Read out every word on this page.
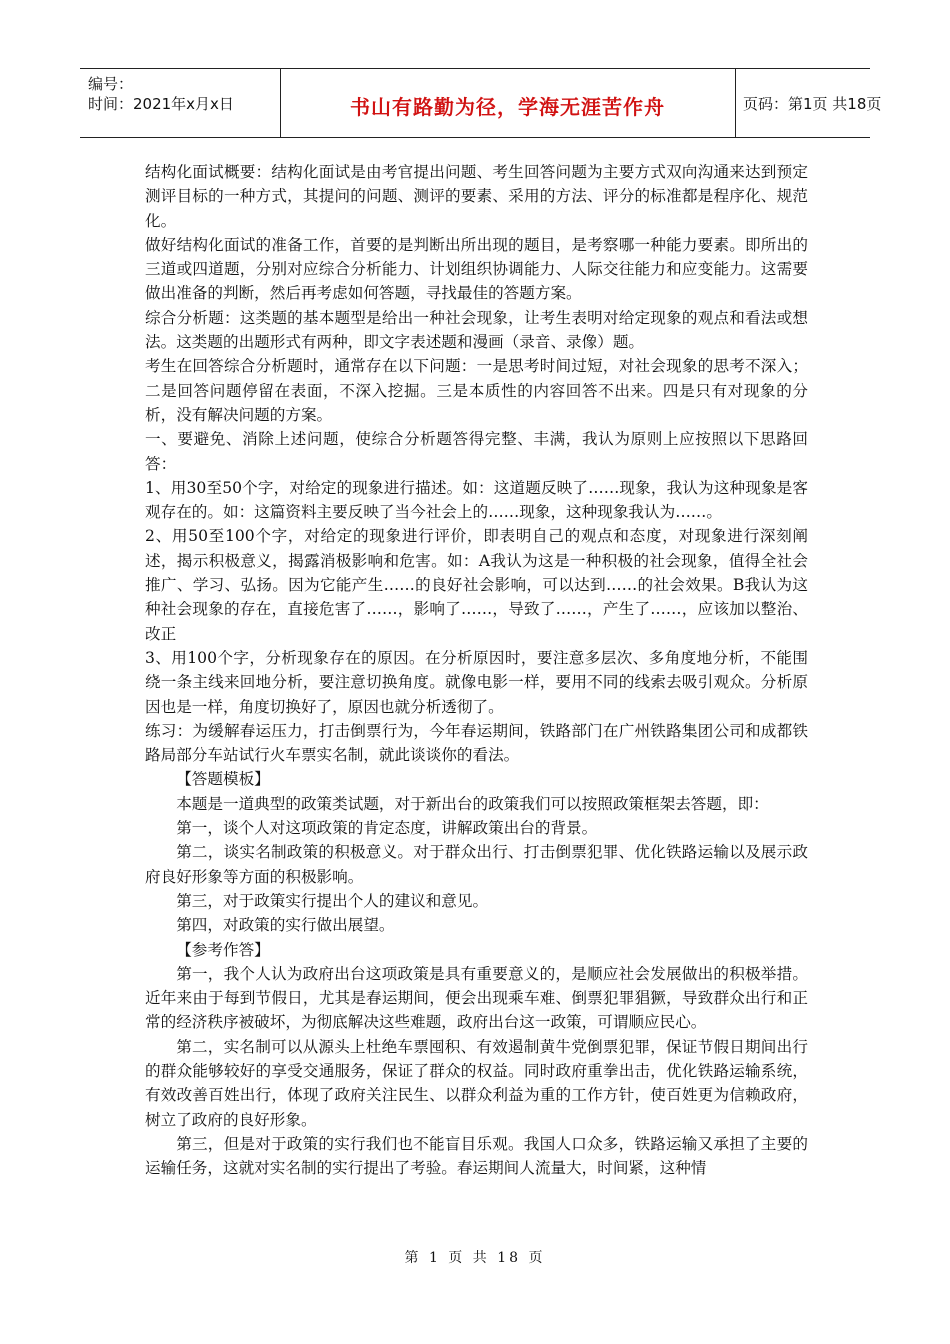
编号：
时间：2021年x月x日	书山有路勤为径，学海无涯苦作舟	页码：第1页 共18页

结构化面试概要：结构化面试是由考官提出问题、考生回答问题为主要方式双向沟通来达到预定测评目标的一种方式，其提问的问题、测评的要素、采用的方法、评分的标准都是程序化、规范化。

做好结构化面试的准备工作，首要的是判断出所出现的题目，是考察哪一种能力要素。即所出的三道或四道题，分别对应综合分析能力、计划组织协调能力、人际交往能力和应变能力。这需要做出准备的判断，然后再考虑如何答题，寻找最佳的答题方案。

综合分析题：这类题的基本题型是给出一种社会现象，让考生表明对给定现象的观点和看法或想法。这类题的出题形式有两种，即文字表述题和漫画（录音、录像）题。

考生在回答综合分析题时，通常存在以下问题：一是思考时间过短，对社会现象的思考不深入；二是回答问题停留在表面，不深入挖掘。三是本质性的内容回答不出来。四是只有对现象的分析，没有解决问题的方案。

一、要避免、消除上述问题，使综合分析题答得完整、丰满，我认为原则上应按照以下思路回答：

1、用30至50个字，对给定的现象进行描述。如：这道题反映了……现象，我认为这种现象是客观存在的。如：这篇资料主要反映了当今社会上的……现象，这种现象我认为……。

2、用50至100个字，对给定的现象进行评价，即表明自己的观点和态度，对现象进行深刻阐述，揭示积极意义，揭露消极影响和危害。如：A我认为这是一种积极的社会现象，值得全社会推广、学习、弘扬。因为它能产生……的良好社会影响，可以达到……的社会效果。B我认为这种社会现象的存在，直接危害了……，影响了……，导致了……，产生了……，应该加以整治、改正

3、用100个字，分析现象存在的原因。在分析原因时，要注意多层次、多角度地分析，不能围绕一条主线来回地分析，要注意切换角度。就像电影一样，要用不同的线索去吸引观众。分析原因也是一样，角度切换好了，原因也就分析透彻了。

练习：为缓解春运压力，打击倒票行为，今年春运期间，铁路部门在广州铁路集团公司和成都铁路局部分车站试行火车票实名制，就此谈谈你的看法。

【答题模板】

本题是一道典型的政策类试题，对于新出台的政策我们可以按照政策框架去答题，即：

第一，谈个人对这项政策的肯定态度，讲解政策出台的背景。

第二，谈实名制政策的积极意义。对于群众出行、打击倒票犯罪、优化铁路运输以及展示政府良好形象等方面的积极影响。

第三，对于政策实行提出个人的建议和意见。

第四，对政策的实行做出展望。

【参考作答】

第一，我个人认为政府出台这项政策是具有重要意义的，是顺应社会发展做出的积极举措。近年来由于每到节假日，尤其是春运期间，便会出现乘车难、倒票犯罪猖獗，导致群众出行和正常的经济秩序被破坏，为彻底解决这些难题，政府出台这一政策，可谓顺应民心。

第二，实名制可以从源头上杜绝车票囤积、有效遏制黄牛党倒票犯罪，保证节假日期间出行的群众能够较好的享受交通服务，保证了群众的权益。同时政府重拳出击，优化铁路运输系统，有效改善百姓出行，体现了政府关注民生、以群众利益为重的工作方针，使百姓更为信赖政府，树立了政府的良好形象。

第三，但是对于政策的实行我们也不能盲目乐观。我国人口众多，铁路运输又承担了主要的运输任务，这就对实名制的实行提出了考验。春运期间人流量大，时间紧，这种情

第 1 页 共 18 页
